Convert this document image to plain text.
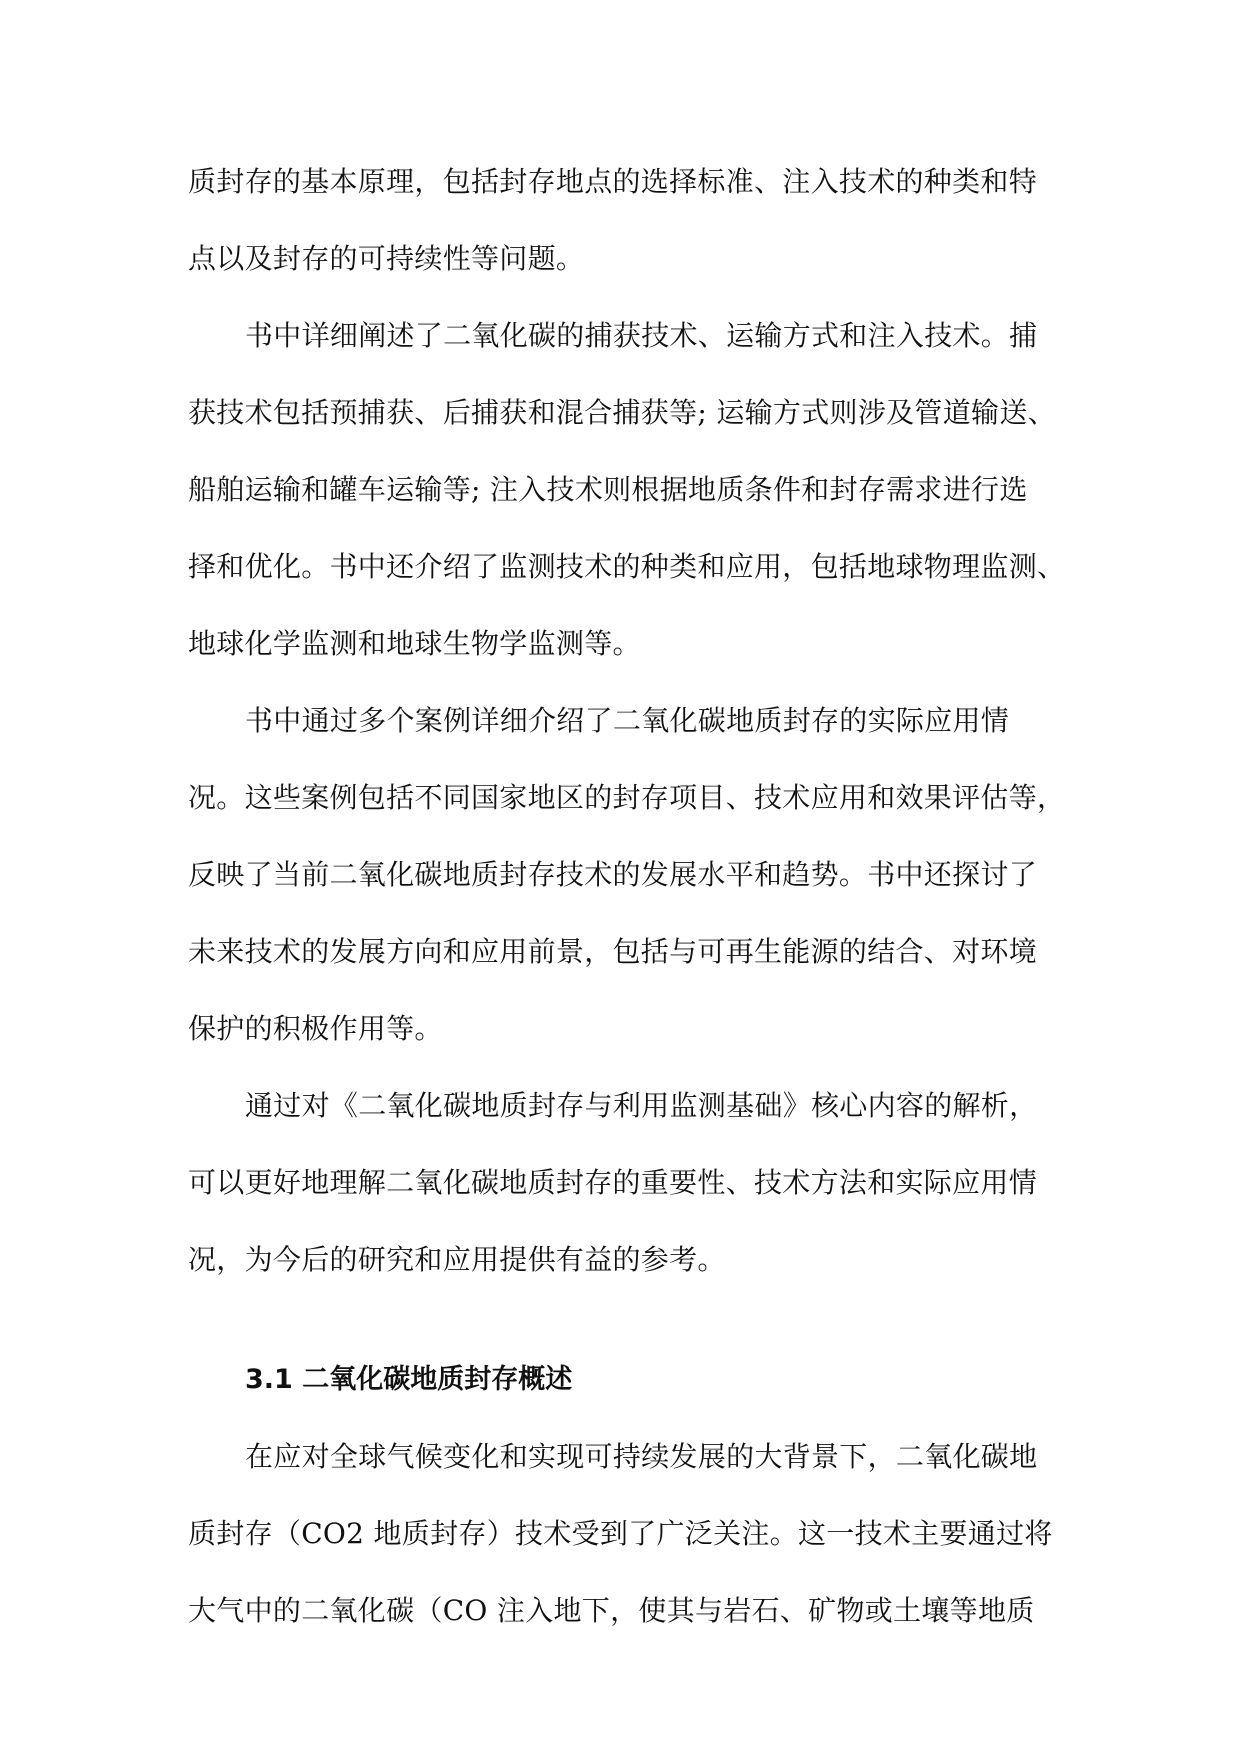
质封存的基本原理，包括封存地点的选择标准、注入技术的种类和特
点以及封存的可持续性等问题。
书中详细阐述了二氧化碳的捕获技术、运输方式和注入技术。捕
获技术包括预捕获、后捕获和混合捕获等; 运输方式则涉及管道输送、
船舶运输和罐车运输等; 注入技术则根据地质条件和封存需求进行选
择和优化。书中还介绍了监测技术的种类和应用，包括地球物理监测、
地球化学监测和地球生物学监测等。
书中通过多个案例详细介绍了二氧化碳地质封存的实际应用情
况。这些案例包括不同国家地区的封存项目、技术应用和效果评估等，
反映了当前二氧化碳地质封存技术的发展水平和趋势。书中还探讨了
未来技术的发展方向和应用前景，包括与可再生能源的结合、对环境
保护的积极作用等。
通过对《二氧化碳地质封存与利用监测基础》核心内容的解析，
可以更好地理解二氧化碳地质封存的重要性、技术方法和实际应用情
况，为今后的研究和应用提供有益的参考。
3.1 二氧化碳地质封存概述
在应对全球气候变化和实现可持续发展的大背景下，二氧化碳地
质封存（CO2 地质封存）技术受到了广泛关注。这一技术主要通过将
大气中的二氧化碳（CO 注入地下，使其与岩石、矿物或土壤等地质
